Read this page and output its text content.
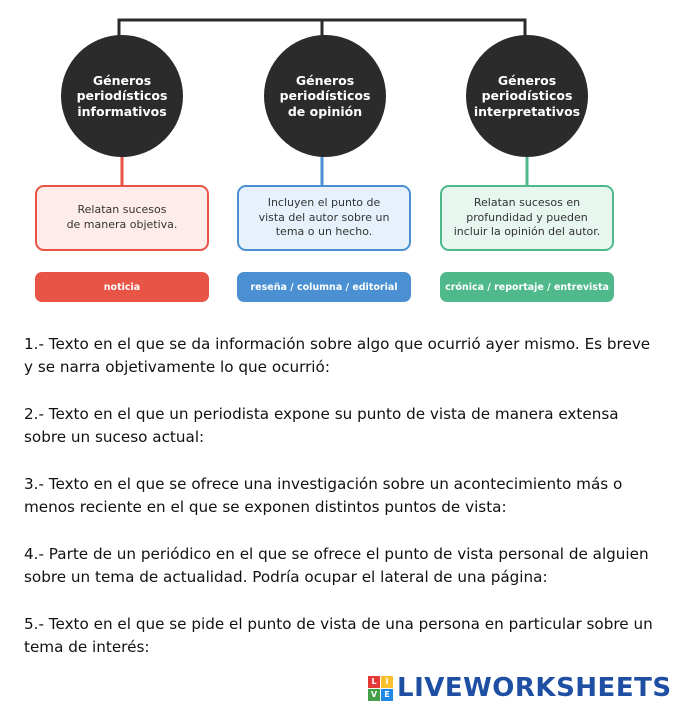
Géneros
periodísticos
informativos
Relatan sucesos
de manera objetiva.
noticia
Géneros
periodísticos
de opinión
Incluyen el punto de
vista del autor sobre un
tema o un hecho.
reseña / columna / editorial
Géneros
periodísticos
interpretativos
Relatan sucesos en
profundidad y pueden
incluir la opinión del autor.
crónica / reportaje / entrevista

1.- Texto en el que se da información sobre algo que ocurrió ayer mismo. Es breve y se narra objetivamente lo que ocurrió:

2.- Texto en el que un periodista expone su punto de vista de manera extensa sobre un suceso actual:

3.- Texto en el que se ofrece una investigación sobre un acontecimiento más o menos reciente en el que se exponen distintos puntos de vista:

4.- Parte de un periódico en el que se ofrece el punto de vista personal de alguien sobre un tema de actualidad. Podría ocupar el lateral de una página:

5.- Texto en el que se pide el punto de vista de una persona en particular sobre un tema de interés:

L	I
V E LIVEWORKSHEETS
